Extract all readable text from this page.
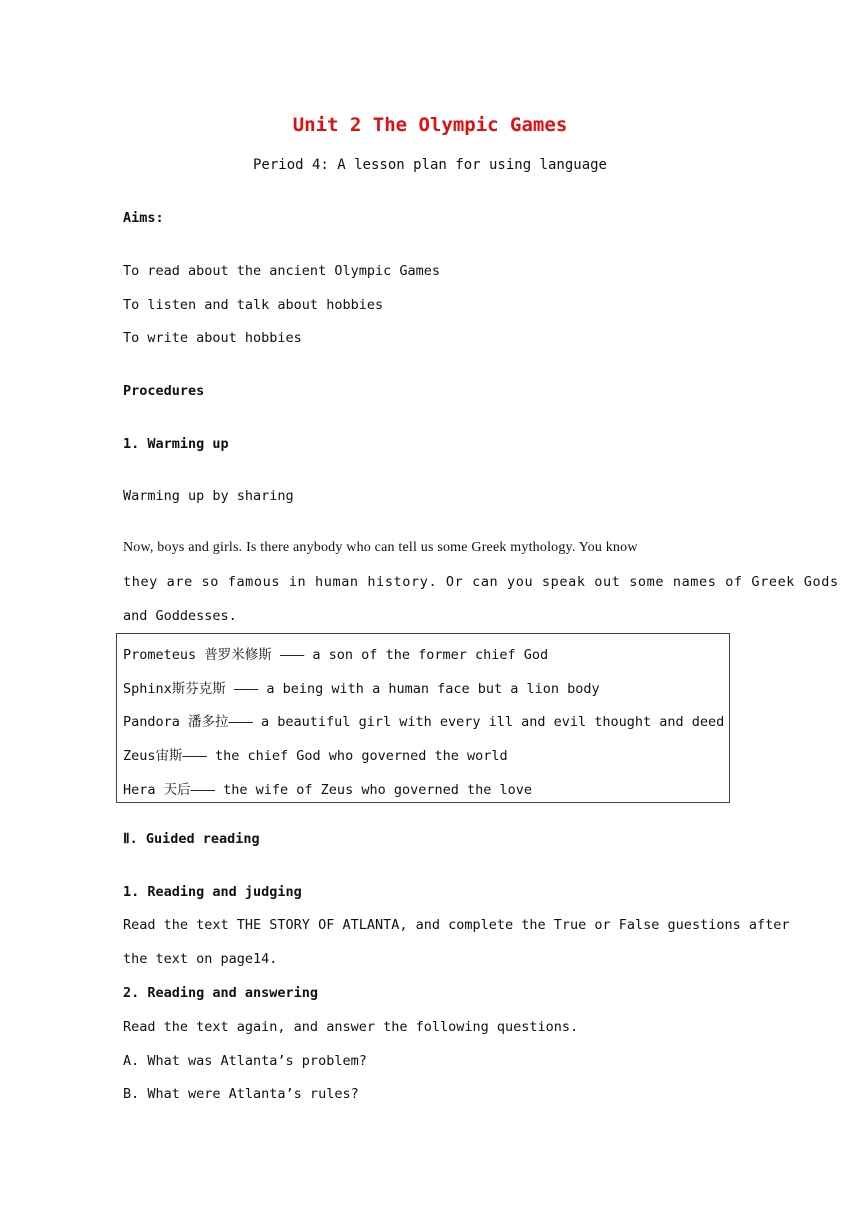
Unit 2 The Olympic Games
Period 4: A lesson plan for using language
Aims:
To read about the ancient Olympic Games
To listen and talk about hobbies
To write about hobbies
Procedures
1. Warming up
Warming up by sharing
Now, boys and girls. Is there anybody who can tell us some Greek mythology. You know
they are so famous in human history. Or can you speak out some names of Greek Gods
and Goddesses.
Prometeus 普罗米修斯 ——— a son of the former chief God
Sphinx斯芬克斯 ——— a being with a human face but a lion body
Pandora 潘多拉——— a beautiful girl with every ill and evil thought and deed
Zeus宙斯——— the chief God who governed the world
Hera 天后——— the wife of Zeus who governed the love
Ⅱ. Guided reading
1. Reading and judging
Read the text THE STORY OF ATLANTA, and complete the True or False guestions after
the text on page14.
2. Reading and answering
Read the text again, and answer the following questions.
A. What was Atlanta’s problem?
B. What were Atlanta’s rules?
